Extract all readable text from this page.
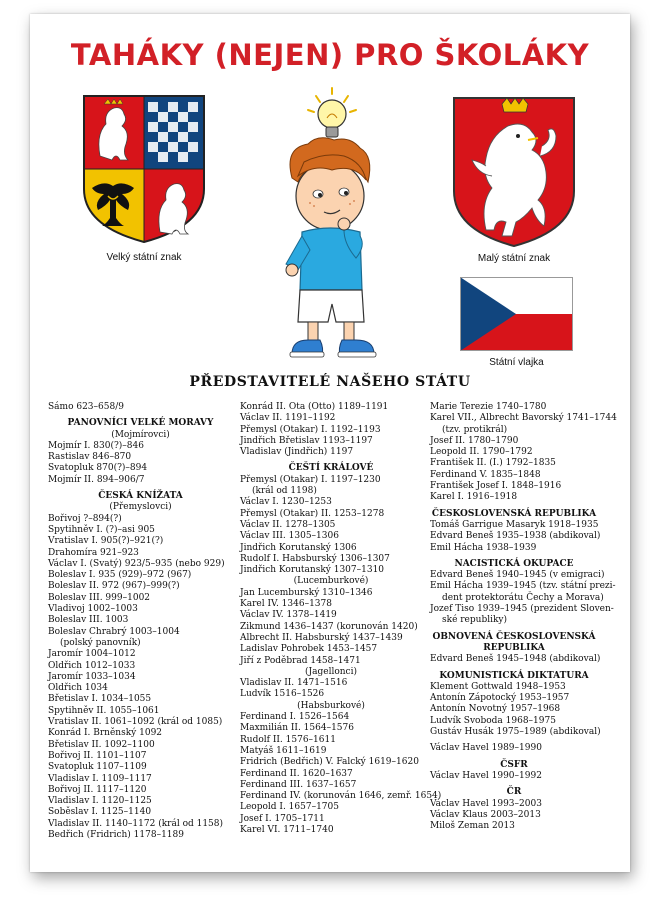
TAHÁKY (NEJEN) PRO ŠKOLÁKY
Velký státní znak	Malý státní znak
Státní vlajka
PŘEDSTAVITELÉ NAŠEHO STÁTU
Sámo 623–658/9
PANOVNÍCI VELKÉ MORAVY
(Mojmírovci)
Mojmír I. 830(?)–846
Rastislav 846–870
Svatopluk 870(?)–894
Mojmír II. 894–906/7
ČESKÁ KNÍŽATA
(Přemyslovci)
Bořivoj ?–894(?)
Spytihněv I. (?)–asi 905
Vratislav I. 905(?)–921(?)
Drahomíra 921–923
Václav I. (Svatý) 923/5–935 (nebo 929)
Boleslav I. 935 (929)–972 (967)
Boleslav II. 972 (967)–999(?)
Boleslav III. 999–1002
Vladivoj 1002–1003
Boleslav III. 1003
Boleslav Chrabrý 1003–1004
(polský panovník)
Jaromír 1004–1012
Oldřich 1012–1033
Jaromír 1033–1034
Oldřich 1034
Břetislav I. 1034–1055
Spytihněv II. 1055–1061
Vratislav II. 1061–1092 (král od 1085)
Konrád I. Brněnský 1092
Břetislav II. 1092–1100
Bořivoj II. 1101–1107
Svatopluk 1107–1109
Vladislav I. 1109–1117
Bořivoj II. 1117–1120
Vladislav I. 1120–1125
Soběslav I. 1125–1140
Vladislav II. 1140–1172 (král od 1158)
Bedřich (Fridrich) 1178–1189
Konrád II. Ota (Otto) 1189–1191
Václav II. 1191–1192
Přemysl (Otakar) I. 1192–1193
Jindřich Břetislav 1193–1197
Vladislav (Jindřich) 1197
ČEŠTÍ KRÁLOVÉ
Přemysl (Otakar) I. 1197–1230
(král od 1198)
Václav I. 1230–1253
Přemysl (Otakar) II. 1253–1278
Václav II. 1278–1305
Václav III. 1305–1306
Jindřich Korutanský 1306
Rudolf I. Habsburský 1306–1307
Jindřich Korutanský 1307–1310
(Lucemburkové)
Jan Lucemburský 1310–1346
Karel IV. 1346–1378
Václav IV. 1378–1419
Zikmund 1436–1437 (korunován 1420)
Albrecht II. Habsburský 1437–1439
Ladislav Pohrobek 1453–1457
Jiří z Poděbrad 1458–1471
(Jagellonci)
Vladislav II. 1471–1516
Ludvík 1516–1526
(Habsburkové)
Ferdinand I. 1526–1564
Maxmilián II. 1564–1576
Rudolf II. 1576–1611
Matyáš 1611–1619
Fridrich (Bedřich) V. Falcký 1619–1620
Ferdinand II. 1620–1637
Ferdinand III. 1637–1657
Ferdinand IV. (korunován 1646, zemř. 1654)
Leopold I. 1657–1705
Josef I. 1705–1711
Karel VI. 1711–1740
Marie Terezie 1740–1780
Karel VII., Albrecht Bavorský 1741–1744
(tzv. protikrál)
Josef II. 1780–1790
Leopold II. 1790–1792
František II. (I.) 1792–1835
Ferdinand V. 1835–1848
František Josef I. 1848–1916
Karel I. 1916–1918
ČESKOSLOVENSKÁ REPUBLIKA
Tomáš Garrigue Masaryk 1918–1935
Edvard Beneš 1935–1938 (abdikoval)
Emil Hácha 1938–1939
NACISTICKÁ OKUPACE
Edvard Beneš 1940–1945 (v emigraci)
Emil Hácha 1939–1945 (tzv. státní prezi-
dent protektorátu Čechy a Morava)
Jozef Tiso 1939–1945 (prezident Sloven-
ské republiky)
OBNOVENÁ ČESKOSLOVENSKÁ
REPUBLIKA
Edvard Beneš 1945–1948 (abdikoval)
KOMUNISTICKÁ DIKTATURA
Klement Gottwald 1948–1953
Antonín Zápotocký 1953–1957
Antonín Novotný 1957–1968
Ludvík Svoboda 1968–1975
Gustáv Husák 1975–1989 (abdikoval)
Václav Havel 1989–1990
ČSFR
Václav Havel 1990–1992
ČR
Václav Havel 1993–2003
Václav Klaus 2003–2013
Miloš Zeman 2013
